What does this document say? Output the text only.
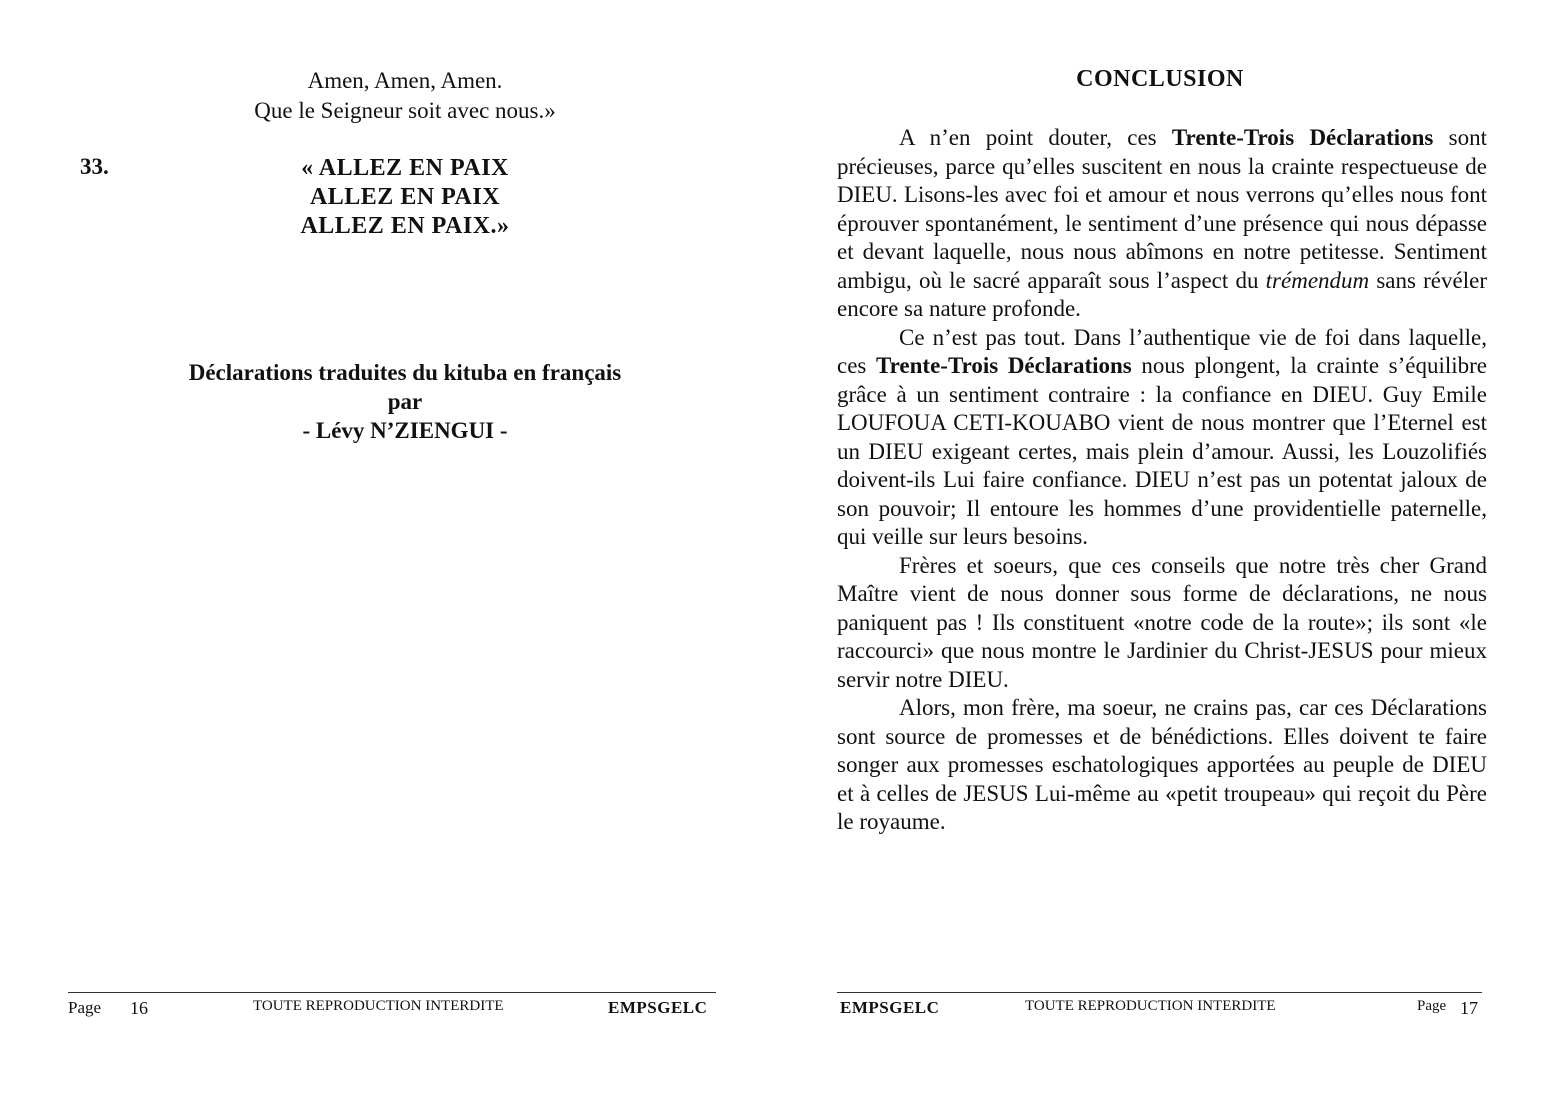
Amen, Amen, Amen.
Que le Seigneur soit avec nous.»
33.	« ALLEZ EN PAIX
ALLEZ EN PAIX
ALLEZ EN PAIX.»
Déclarations traduites du kituba en français
par
- Lévy N’ZIENGUI -
Page 16	TOUTE REPRODUCTION INTERDITE	EMPSGELC
CONCLUSION

A n’en point douter, ces Trente-Trois Déclarations sont précieuses, parce qu’elles suscitent en nous la crainte respectueuse de DIEU. Lisons-les avec foi et amour et nous verrons qu’elles nous font éprouver spontanément, le sentiment d’une présence qui nous dépasse et devant laquelle, nous nous abîmons en notre petitesse. Sentiment ambigu, où le sacré apparaît sous l’aspect du trémendum sans révéler encore sa nature profonde.

Ce n’est pas tout. Dans l’authentique vie de foi dans laquelle, ces Trente-Trois Déclarations nous plongent, la crainte s’équilibre grâce à un sentiment contraire : la confiance en DIEU. Guy Emile LOUFOUA CETI-KOUABO vient de nous montrer que l’Eternel est un DIEU exigeant certes, mais plein d’amour. Aussi, les Louzolifiés doivent-ils Lui faire confiance. DIEU n’est pas un potentat jaloux de son pouvoir; Il entoure les hommes d’une providentielle paternelle, qui veille sur leurs besoins.

Frères et soeurs, que ces conseils que notre très cher Grand Maître vient de nous donner sous forme de déclarations, ne nous paniquent pas ! Ils constituent «notre code de la route»; ils sont «le raccourci» que nous montre le Jardinier du Christ-JESUS pour mieux servir notre DIEU.

Alors, mon frère, ma soeur, ne crains pas, car ces Déclarations sont source de promesses et de bénédictions. Elles doivent te faire songer aux promesses eschatologiques apportées au peuple de DIEU et à celles de JESUS Lui-même au «petit troupeau» qui reçoit du Père le royaume.

EMPSGELC	TOUTE REPRODUCTION INTERDITE	Page 17
